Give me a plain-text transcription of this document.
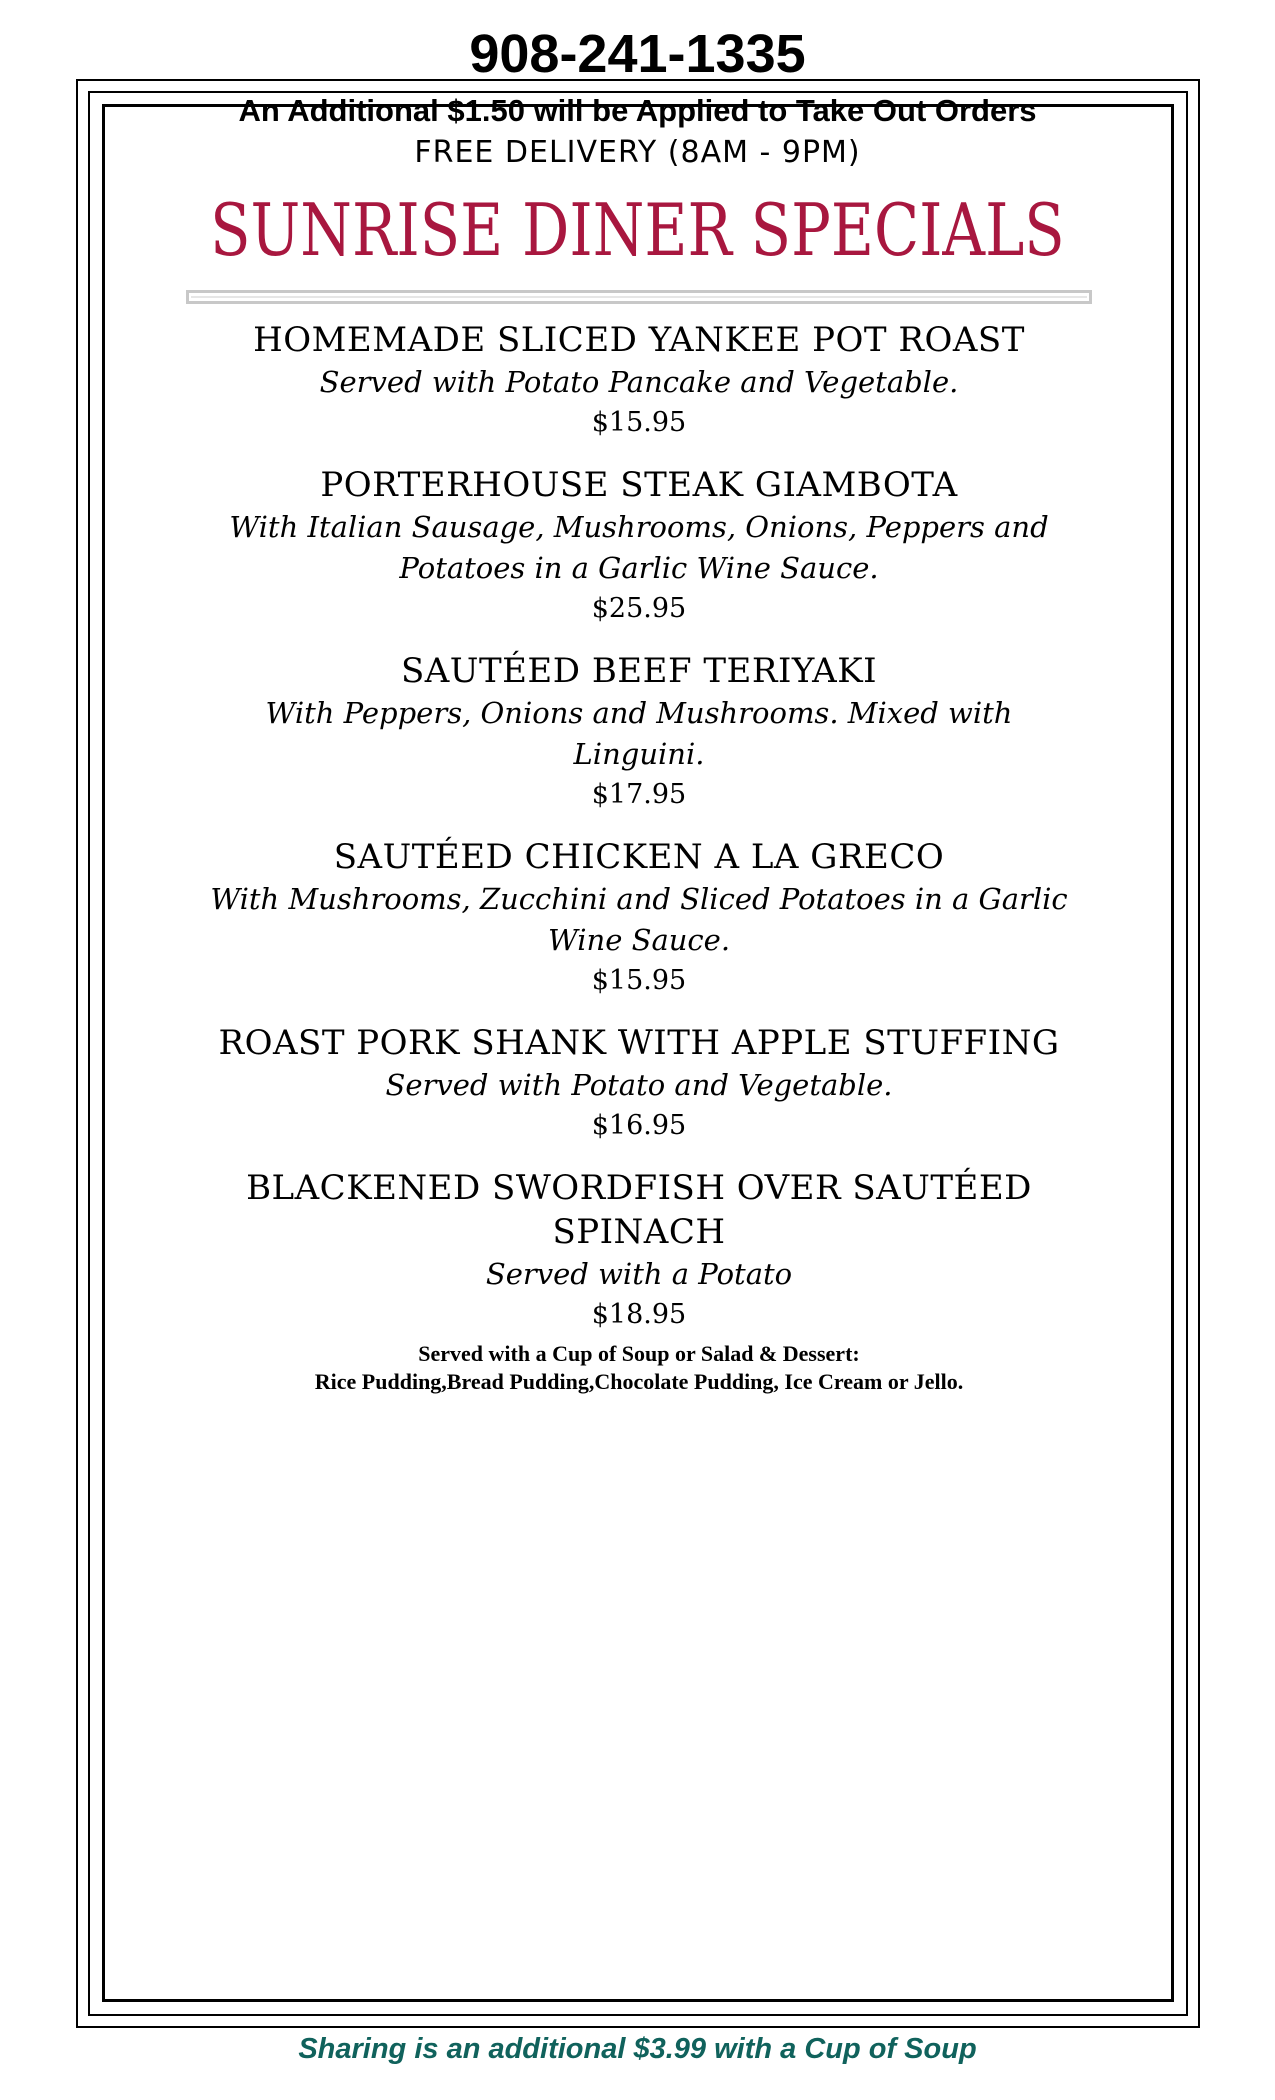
908-241-1335
An Additional $1.50 will be Applied to Take Out Orders
FREE DELIVERY (8AM - 9PM)
SUNRISE DINER SPECIALS
HOMEMADE SLICED YANKEE POT ROAST
Served with Potato Pancake and Vegetable.
$15.95
PORTERHOUSE STEAK GIAMBOTA
With Italian Sausage, Mushrooms, Onions, Peppers and Potatoes in a Garlic Wine Sauce.
$25.95
SAUTÉED BEEF TERIYAKI
With Peppers, Onions and Mushrooms. Mixed with Linguini.
$17.95
SAUTÉED CHICKEN A LA GRECO
With Mushrooms, Zucchini and Sliced Potatoes in a Garlic Wine Sauce.
$15.95
ROAST PORK SHANK WITH APPLE STUFFING
Served with Potato and Vegetable.
$16.95
BLACKENED SWORDFISH OVER SAUTÉED SPINACH
Served with a Potato
$18.95
Served with a Cup of Soup or Salad & Dessert:
Rice Pudding,Bread Pudding,Chocolate Pudding, Ice Cream or Jello.
Sharing is an additional $3.99 with a Cup of Soup
